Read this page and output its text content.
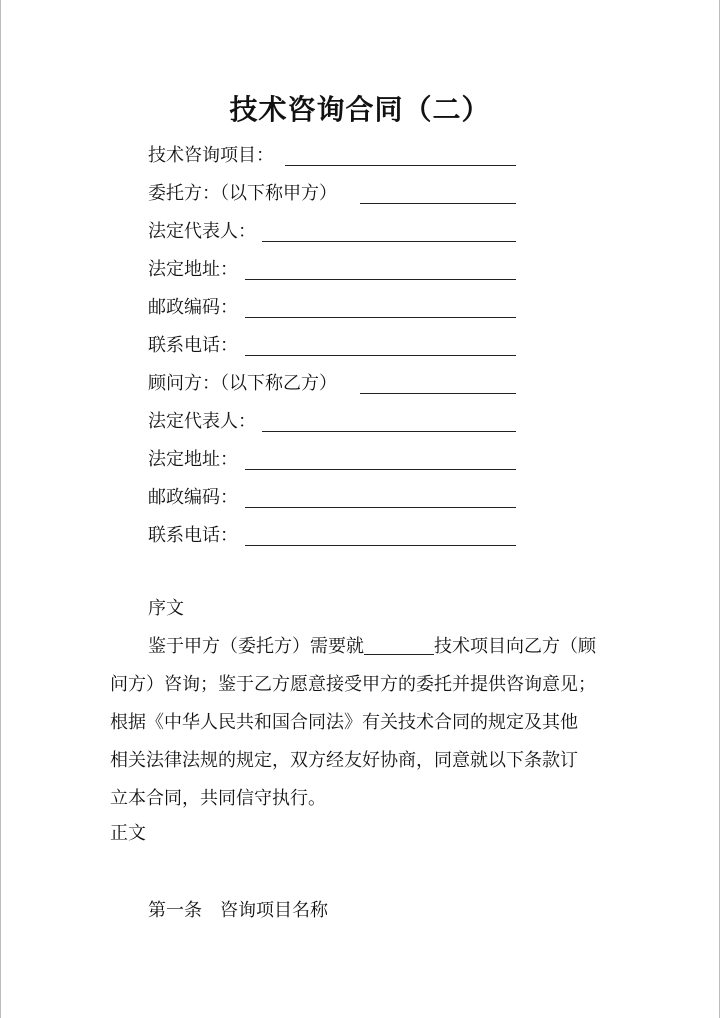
技术咨询合同（二）
技术咨询项目：
委托方：（以下称甲方）
法定代表人：
法定地址：
邮政编码：
联系电话：
顾问方：（以下称乙方）
法定代表人：
法定地址：
邮政编码：
联系电话：
序文
鉴于甲方（委托方）需要就	技术项目向乙方（顾
问方）咨询；鉴于乙方愿意接受甲方的委托并提供咨询意见；
根据《中华人民共和国合同法》有关技术合同的规定及其他
相关法律法规的规定，双方经友好协商，同意就以下条款订
立本合同，共同信守执行。
正文
第一条　咨询项目名称
